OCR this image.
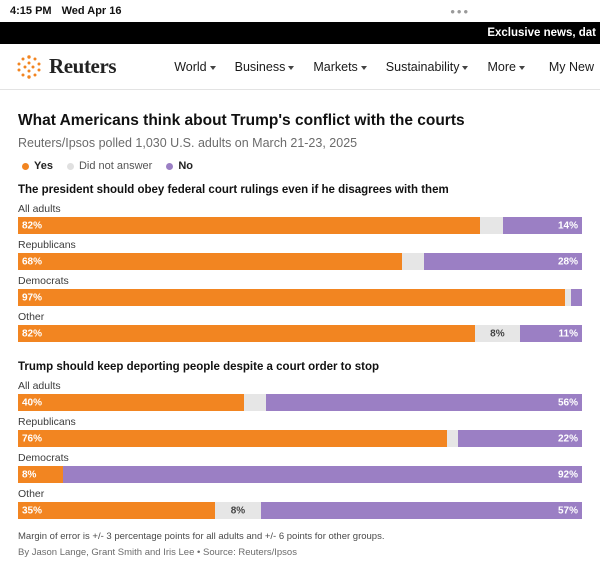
4:15 PM Wed Apr 16	•••
Exclusive news, dat
Reuters	World Business Markets Sustainability More	My New
What Americans think about Trump's conflict with the courts
Reuters/Ipsos polled 1,030 U.S. adults on March 21-23, 2025
Yes Did not answer No
The president should obey federal court rulings even if he disagrees with them
All adults
82%	14%
Republicans
68%	28%
Democrats
97%
Other
82%	8%	11%
Trump should keep deporting people despite a court order to stop
All adults
40%	56%
Republicans
76%	22%
Democrats
8%	92%
Other
35%	8%	57%
Margin of error is +/- 3 percentage points for all adults and +/- 6 points for other groups.
By Jason Lange, Grant Smith and Iris Lee • Source: Reuters/Ipsos
